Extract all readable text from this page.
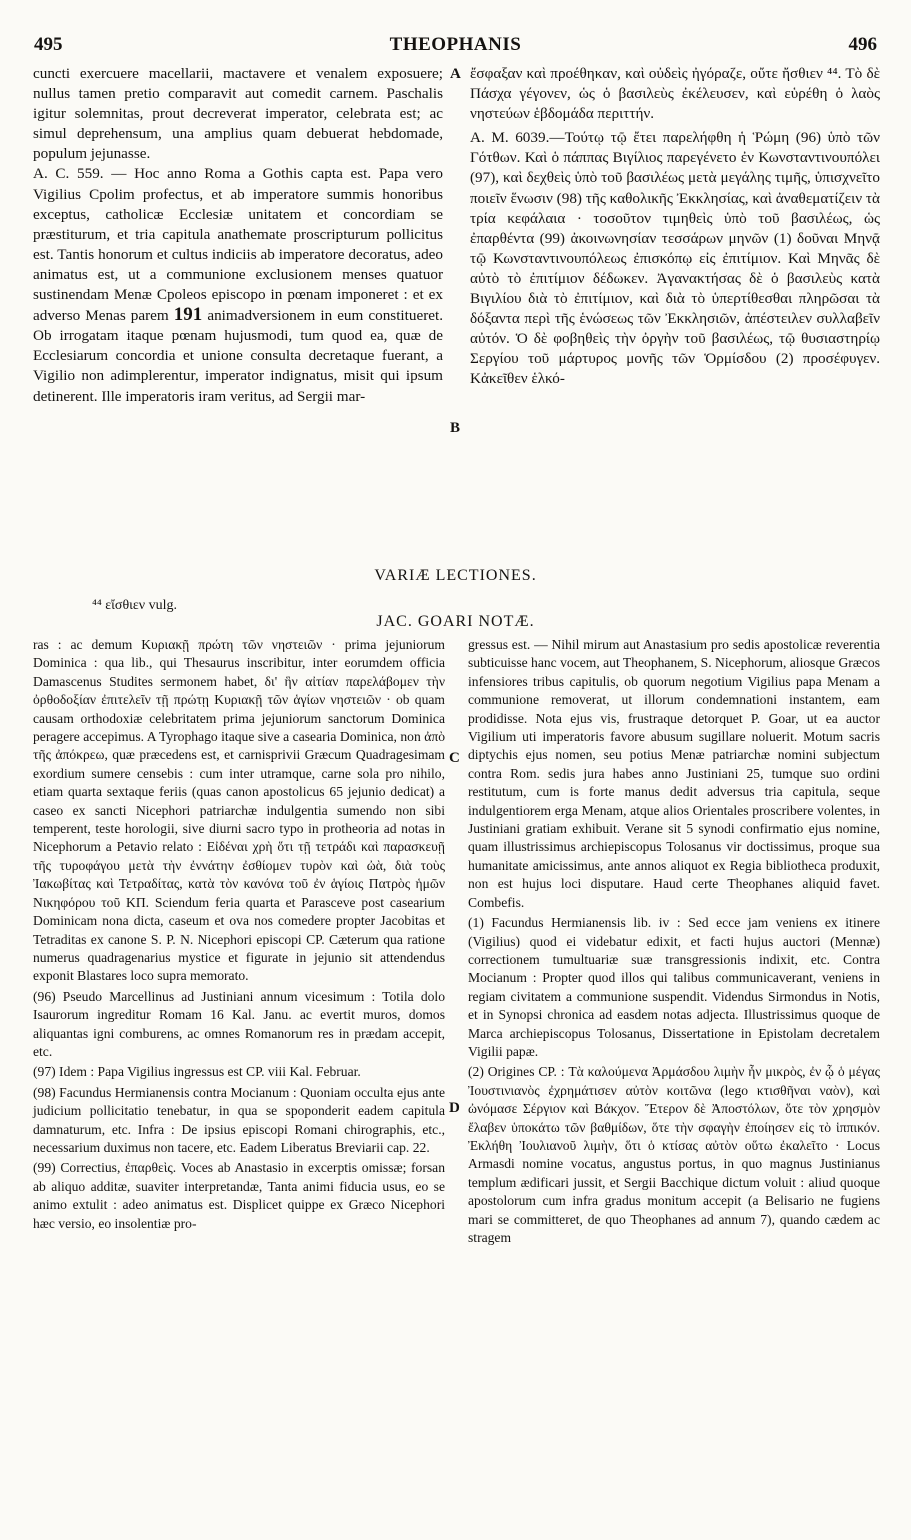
495	THEOPHANIS	496

cuncti exercuere macellarii, mactavere et venalem exposuere; nullus tamen pretio comparavit aut comedit carnem. Paschalis igitur solemnitas, prout decreverat imperator, celebrata est; ac simul deprehensum, una amplius quam debuerat hebdomade, populum jejunasse.

A. C. 559. — Hoc anno Roma a Gothis capta est. Papa vero Vigilius Cpolim profectus, et ab imperatore summis honoribus exceptus, catholicæ Ecclesiæ unitatem et concordiam se præstiturum, et tria capitula anathemate proscripturum pollicitus est. Tantis honorum et cultus indiciis ab imperatore decoratus, adeo animatus est, ut a communione exclusionem menses quatuor sustinendam Menæ Cpoleos episcopo in pœnam imponeret : et ex adverso Menas parem 191 animadversionem in eum constitueret. Ob irrogatam itaque pœnam hujusmodi, tum quod ea, quæ de Ecclesiarum concordia et unione consulta decretaque fuerant, a Vigilio non adimplerentur, imperator indignatus, misit qui ipsum detinerent. Ille imperatoris iram veritus, ad Sergii mar-

A
B

ἔσφαξαν καὶ προέθηκαν, καὶ οὐδεὶς ἠγόραζε, οὔτε ἤσθιεν ⁴⁴. Τὸ δὲ Πάσχα γέγονεν, ὡς ὁ βασιλεὺς ἐκέλευσεν, καὶ εὑρέθη ὁ λαὸς νηστεύων ἑβδομάδα περιττήν.

Α. Μ. 6039.—Τούτῳ τῷ ἔτει παρελήφθη ἡ Ῥώμη (96) ὑπὸ τῶν Γότθων. Καὶ ὁ πάππας Βιγίλιος παρεγένετο ἐν Κωνσταντινουπόλει (97), καὶ δεχθεὶς ὑπὸ τοῦ βασιλέως μετὰ μεγάλης τιμῆς, ὑπισχνεῖτο ποιεῖν ἕνωσιν (98) τῆς καθολικῆς Ἐκκλησίας, καὶ ἀναθεματίζειν τὰ τρία κεφάλαια · τοσοῦτον τιμηθεὶς ὑπὸ τοῦ βασιλέως, ὡς ἐπαρθέντα (99) ἀκοινωνησίαν τεσσάρων μηνῶν (1) δοῦναι Μηνᾷ τῷ Κωνσταντινουπόλεως ἐπισκόπῳ εἰς ἐπιτίμιον. Καὶ Μηνᾶς δὲ αὐτὸ τὸ ἐπιτίμιον δέδωκεν. Ἀγανακτήσας δὲ ὁ βασιλεὺς κατὰ Βιγιλίου διὰ τὸ ἐπιτίμιον, καὶ διὰ τὸ ὑπερτίθεσθαι πληρῶσαι τὰ δόξαντα περὶ τῆς ἑνώσεως τῶν Ἐκκλησιῶν, ἀπέστειλεν συλλαβεῖν αὐτόν. Ὁ δὲ φοβηθεὶς τὴν ὀργὴν τοῦ βασιλέως, τῷ θυσιαστηρίῳ Σεργίου τοῦ μάρτυρος μονῆς τῶν Ὁρμίσδου (2) προσέφυγεν. Κἀκεῖθεν ἑλκό-

VARIÆ LECTIONES.
⁴⁴ εἴσθιεν vulg.
JAC. GOARI NOTÆ.
C
D

ras : ac demum Κυριακῇ πρώτη τῶν νηστειῶν · prima jejuniorum Dominica : qua lib., qui Thesaurus inscribitur, inter eorumdem officia Damascenus Studites sermonem habet, δι' ἣν αἰτίαν παρελάβομεν τὴν ὀρθοδοξίαν ἐπιτελεῖν τῇ πρώτῃ Κυριακῇ τῶν ἁγίων νηστειῶν · ob quam causam orthodoxiæ celebritatem prima jejuniorum sanctorum Dominica peragere accepimus. A Tyrophago itaque sive a casearia Dominica, non ἀπὸ τῆς ἀπόκρεω, quæ præcedens est, et carnisprivii Græcum Quadragesimam exordium sumere censebis : cum inter utramque, carne sola pro nihilo, etiam quarta sextaque feriis (quas canon apostolicus 65 jejunio dedicat) a caseo ex sancti Nicephori patriarchæ indulgentia sumendo non sibi temperent, teste horologii, sive diurni sacro typo in protheoria ad notas in Nicephorum a Petavio relato : Εἰδέναι χρὴ ὅτι τῇ τετράδι καὶ παρασκευῇ τῆς τυροφάγου μετὰ τὴν ἐννάτην ἐσθίομεν τυρὸν καὶ ὠὰ, διὰ τοὺς Ἰακωβίτας καὶ Τετραδίτας, κατὰ τὸν κανόνα τοῦ ἐν ἁγίοις Πατρὸς ἡμῶν Νικηφόρου τοῦ ΚΠ. Sciendum feria quarta et Parasceve post casearium Dominicam nona dicta, caseum et ova nos comedere propter Jacobitas et Tetraditas ex canone S. P. N. Nicephori episcopi CP. Cæterum qua ratione numerus quadragenarius mystice et figurate in jejunio sit attendendus exponit Blastares loco supra memorato.

(96) Pseudo Marcellinus ad Justiniani annum vicesimum : Totila dolo Isaurorum ingreditur Romam 16 Kal. Janu. ac evertit muros, domos aliquantas igni comburens, ac omnes Romanorum res in prædam accepit, etc.

(97) Idem : Papa Vigilius ingressus est CP. viii Kal. Februar.

(98) Facundus Hermianensis contra Mocianum : Quoniam occulta ejus ante judicium pollicitatio tenebatur, in qua se spoponderit eadem capitula damnaturum, etc. Infra : De ipsius episcopi Romani chirographis, etc., necessarium duximus non tacere, etc. Eadem Liberatus Breviarii cap. 22.

(99) Correctius, ἐπαρθεὶς. Voces ab Anastasio in excerptis omissæ; forsan ab aliquo additæ, suaviter interpretandæ, Tanta animi fiducia usus, eo se animo extulit : adeo animatus est. Displicet quippe ex Græco Nicephori hæc versio, eo insolentiæ pro-

gressus est. — Nihil mirum aut Anastasium pro sedis apostolicæ reverentia subticuisse hanc vocem, aut Theophanem, S. Nicephorum, aliosque Græcos infensiores tribus capitulis, ob quorum negotium Vigilius papa Menam a communione removerat, ut illorum condemnationi instantem, eam prodidisse. Nota ejus vis, frustraque detorquet P. Goar, ut ea auctor Vigilium uti imperatoris favore abusum sugillare noluerit. Motum sacris diptychis ejus nomen, seu potius Menæ patriarchæ nomini subjectum contra Rom. sedis jura habes anno Justiniani 25, tumque suo ordini restitutum, cum is forte manus dedit adversus tria capitula, seque indulgentiorem erga Menam, atque alios Orientales proscribere volentes, in Justiniani gratiam exhibuit. Verane sit 5 synodi confirmatio ejus nomine, quam illustrissimus archiepiscopus Tolosanus vir doctissimus, proque sua humanitate amicissimus, ante annos aliquot ex Regia bibliotheca produxit, non est hujus loci disputare. Haud certe Theophanes aliquid favet. Combefis.

(1) Facundus Hermianensis lib. iv : Sed ecce jam veniens ex itinere (Vigilius) quod ei videbatur edixit, et facti hujus auctori (Mennæ) correctionem tumultuariæ suæ transgressionis indixit, etc. Contra Mocianum : Propter quod illos qui talibus communicaverant, veniens in regiam civitatem a communione suspendit. Videndus Sirmondus in Notis, et in Synopsi chronica ad easdem notas adjecta. Illustrissimus quoque de Marca archiepiscopus Tolosanus, Dissertatione in Epistolam decretalem Vigilii papæ.

(2) Origines CP. : Τὰ καλούμενα Ἀρμάσδου λιμὴν ἦν μικρὸς, ἐν ᾧ ὁ μέγας Ἰουστινιανὸς ἐχρημάτισεν αὐτὸν κοιτῶνα (lego κτισθῆναι ναὸν), καὶ ὠνόμασε Σέργιον καὶ Βάκχον. Ἕτερον δὲ Ἀποστόλων, ὅτε τὸν χρησμὸν ἔλαβεν ὑποκάτω τῶν βαθμίδων, ὅτε τὴν σφαγὴν ἐποίησεν εἰς τὸ ἱππικόν. Ἐκλήθη Ἰουλιανοῦ λιμὴν, ὅτι ὁ κτίσας αὐτὸν οὕτω ἐκαλεῖτο · Locus Armasdi nomine vocatus, angustus portus, in quo magnus Justinianus templum ædificari jussit, et Sergii Bacchique dictum voluit : aliud quoque apostolorum cum infra gradus monitum accepit (a Belisario ne fugiens mari se committeret, de quo Theophanes ad annum 7), quando cædem ac stragem
